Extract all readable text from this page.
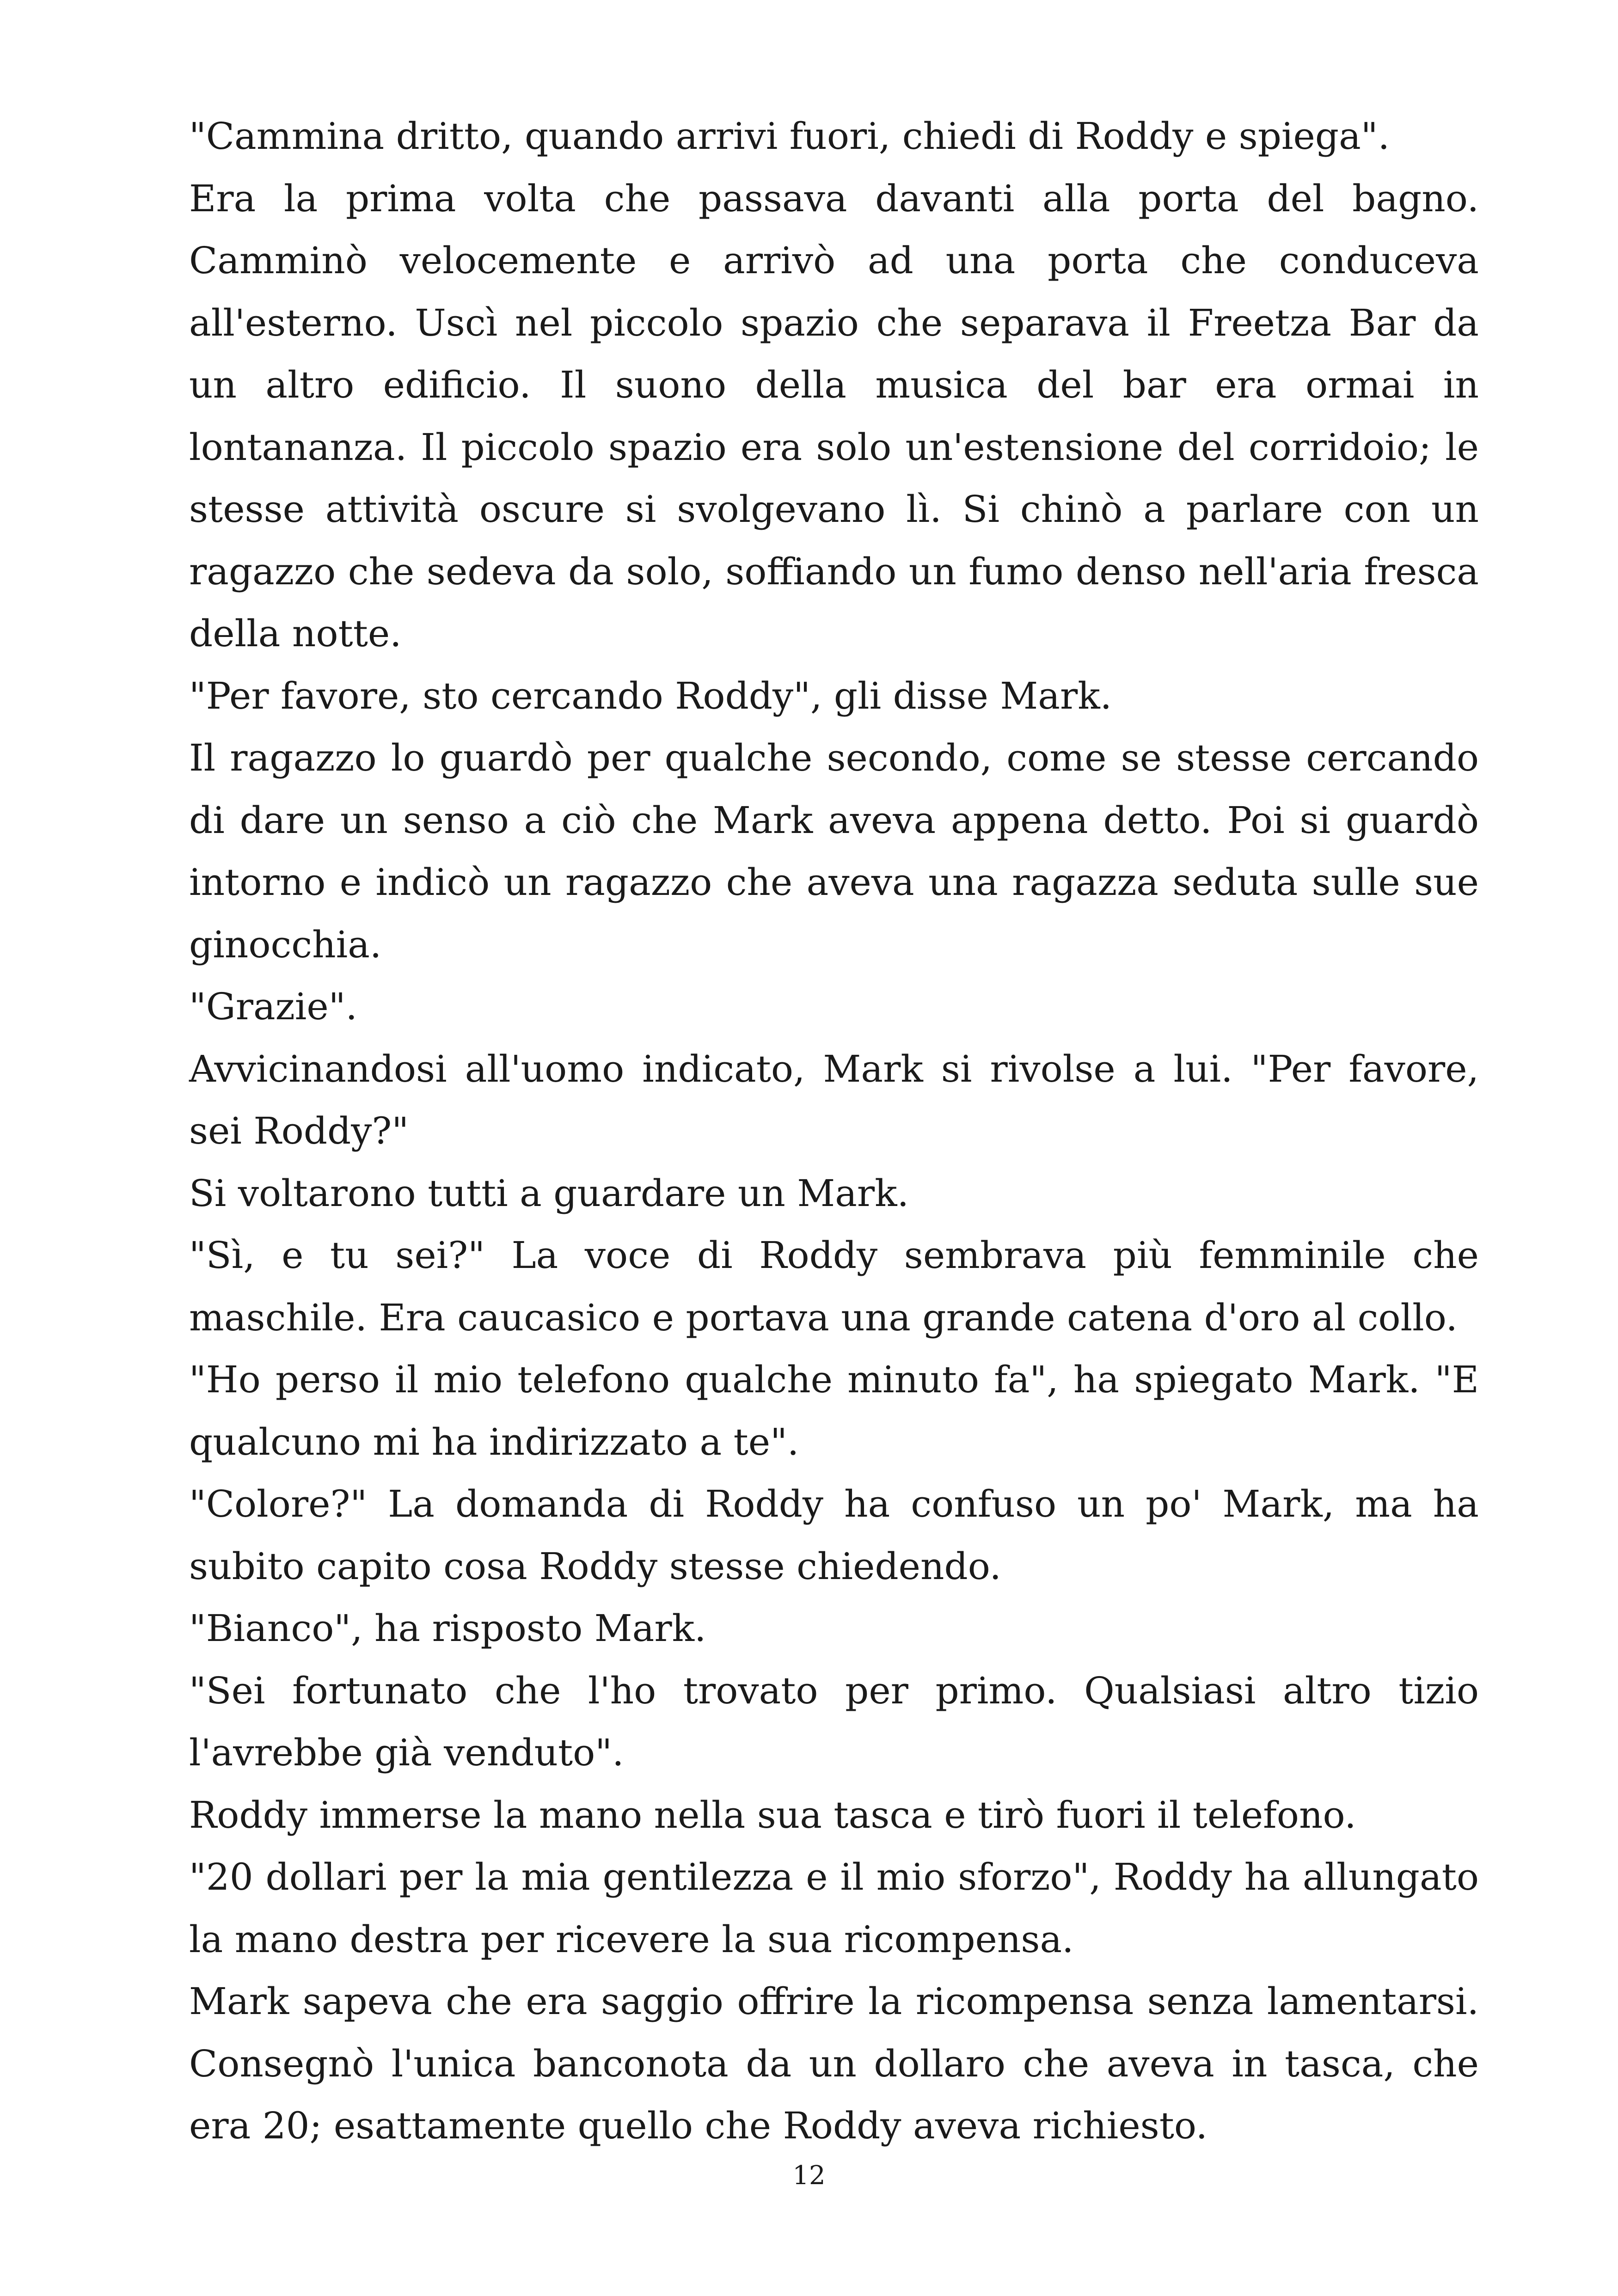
"Cammina dritto, quando arrivi fuori, chiedi di Roddy e spiega".

Era la prima volta che passava davanti alla porta del bagno. Camminò velocemente e arrivò ad una porta che conduceva all'esterno. Uscì nel piccolo spazio che separava il Freetza Bar da un altro edificio. Il suono della musica del bar era ormai in lontananza. Il piccolo spazio era solo un'estensione del corridoio; le stesse attività oscure si svolgevano lì. Si chinò a parlare con un ragazzo che sedeva da solo, soffiando un fumo denso nell'aria fresca della notte.

"Per favore, sto cercando Roddy", gli disse Mark.

Il ragazzo lo guardò per qualche secondo, come se stesse cercando di dare un senso a ciò che Mark aveva appena detto. Poi si guardò intorno e indicò un ragazzo che aveva una ragazza seduta sulle sue ginocchia.

"Grazie".

Avvicinandosi all'uomo indicato, Mark si rivolse a lui. "Per favore, sei Roddy?"

Si voltarono tutti a guardare un Mark.

"Sì, e tu sei?" La voce di Roddy sembrava più femminile che maschile. Era caucasico e portava una grande catena d'oro al collo.

"Ho perso il mio telefono qualche minuto fa", ha spiegato Mark. "E qualcuno mi ha indirizzato a te".

"Colore?" La domanda di Roddy ha confuso un po' Mark, ma ha subito capito cosa Roddy stesse chiedendo.

"Bianco", ha risposto Mark.

"Sei fortunato che l'ho trovato per primo. Qualsiasi altro tizio l'avrebbe già venduto".

Roddy immerse la mano nella sua tasca e tirò fuori il telefono.

"20 dollari per la mia gentilezza e il mio sforzo", Roddy ha allungato la mano destra per ricevere la sua ricompensa.

Mark sapeva che era saggio offrire la ricompensa senza lamentarsi. Consegnò l'unica banconota da un dollaro che aveva in tasca, che era 20; esattamente quello che Roddy aveva richiesto.

12
